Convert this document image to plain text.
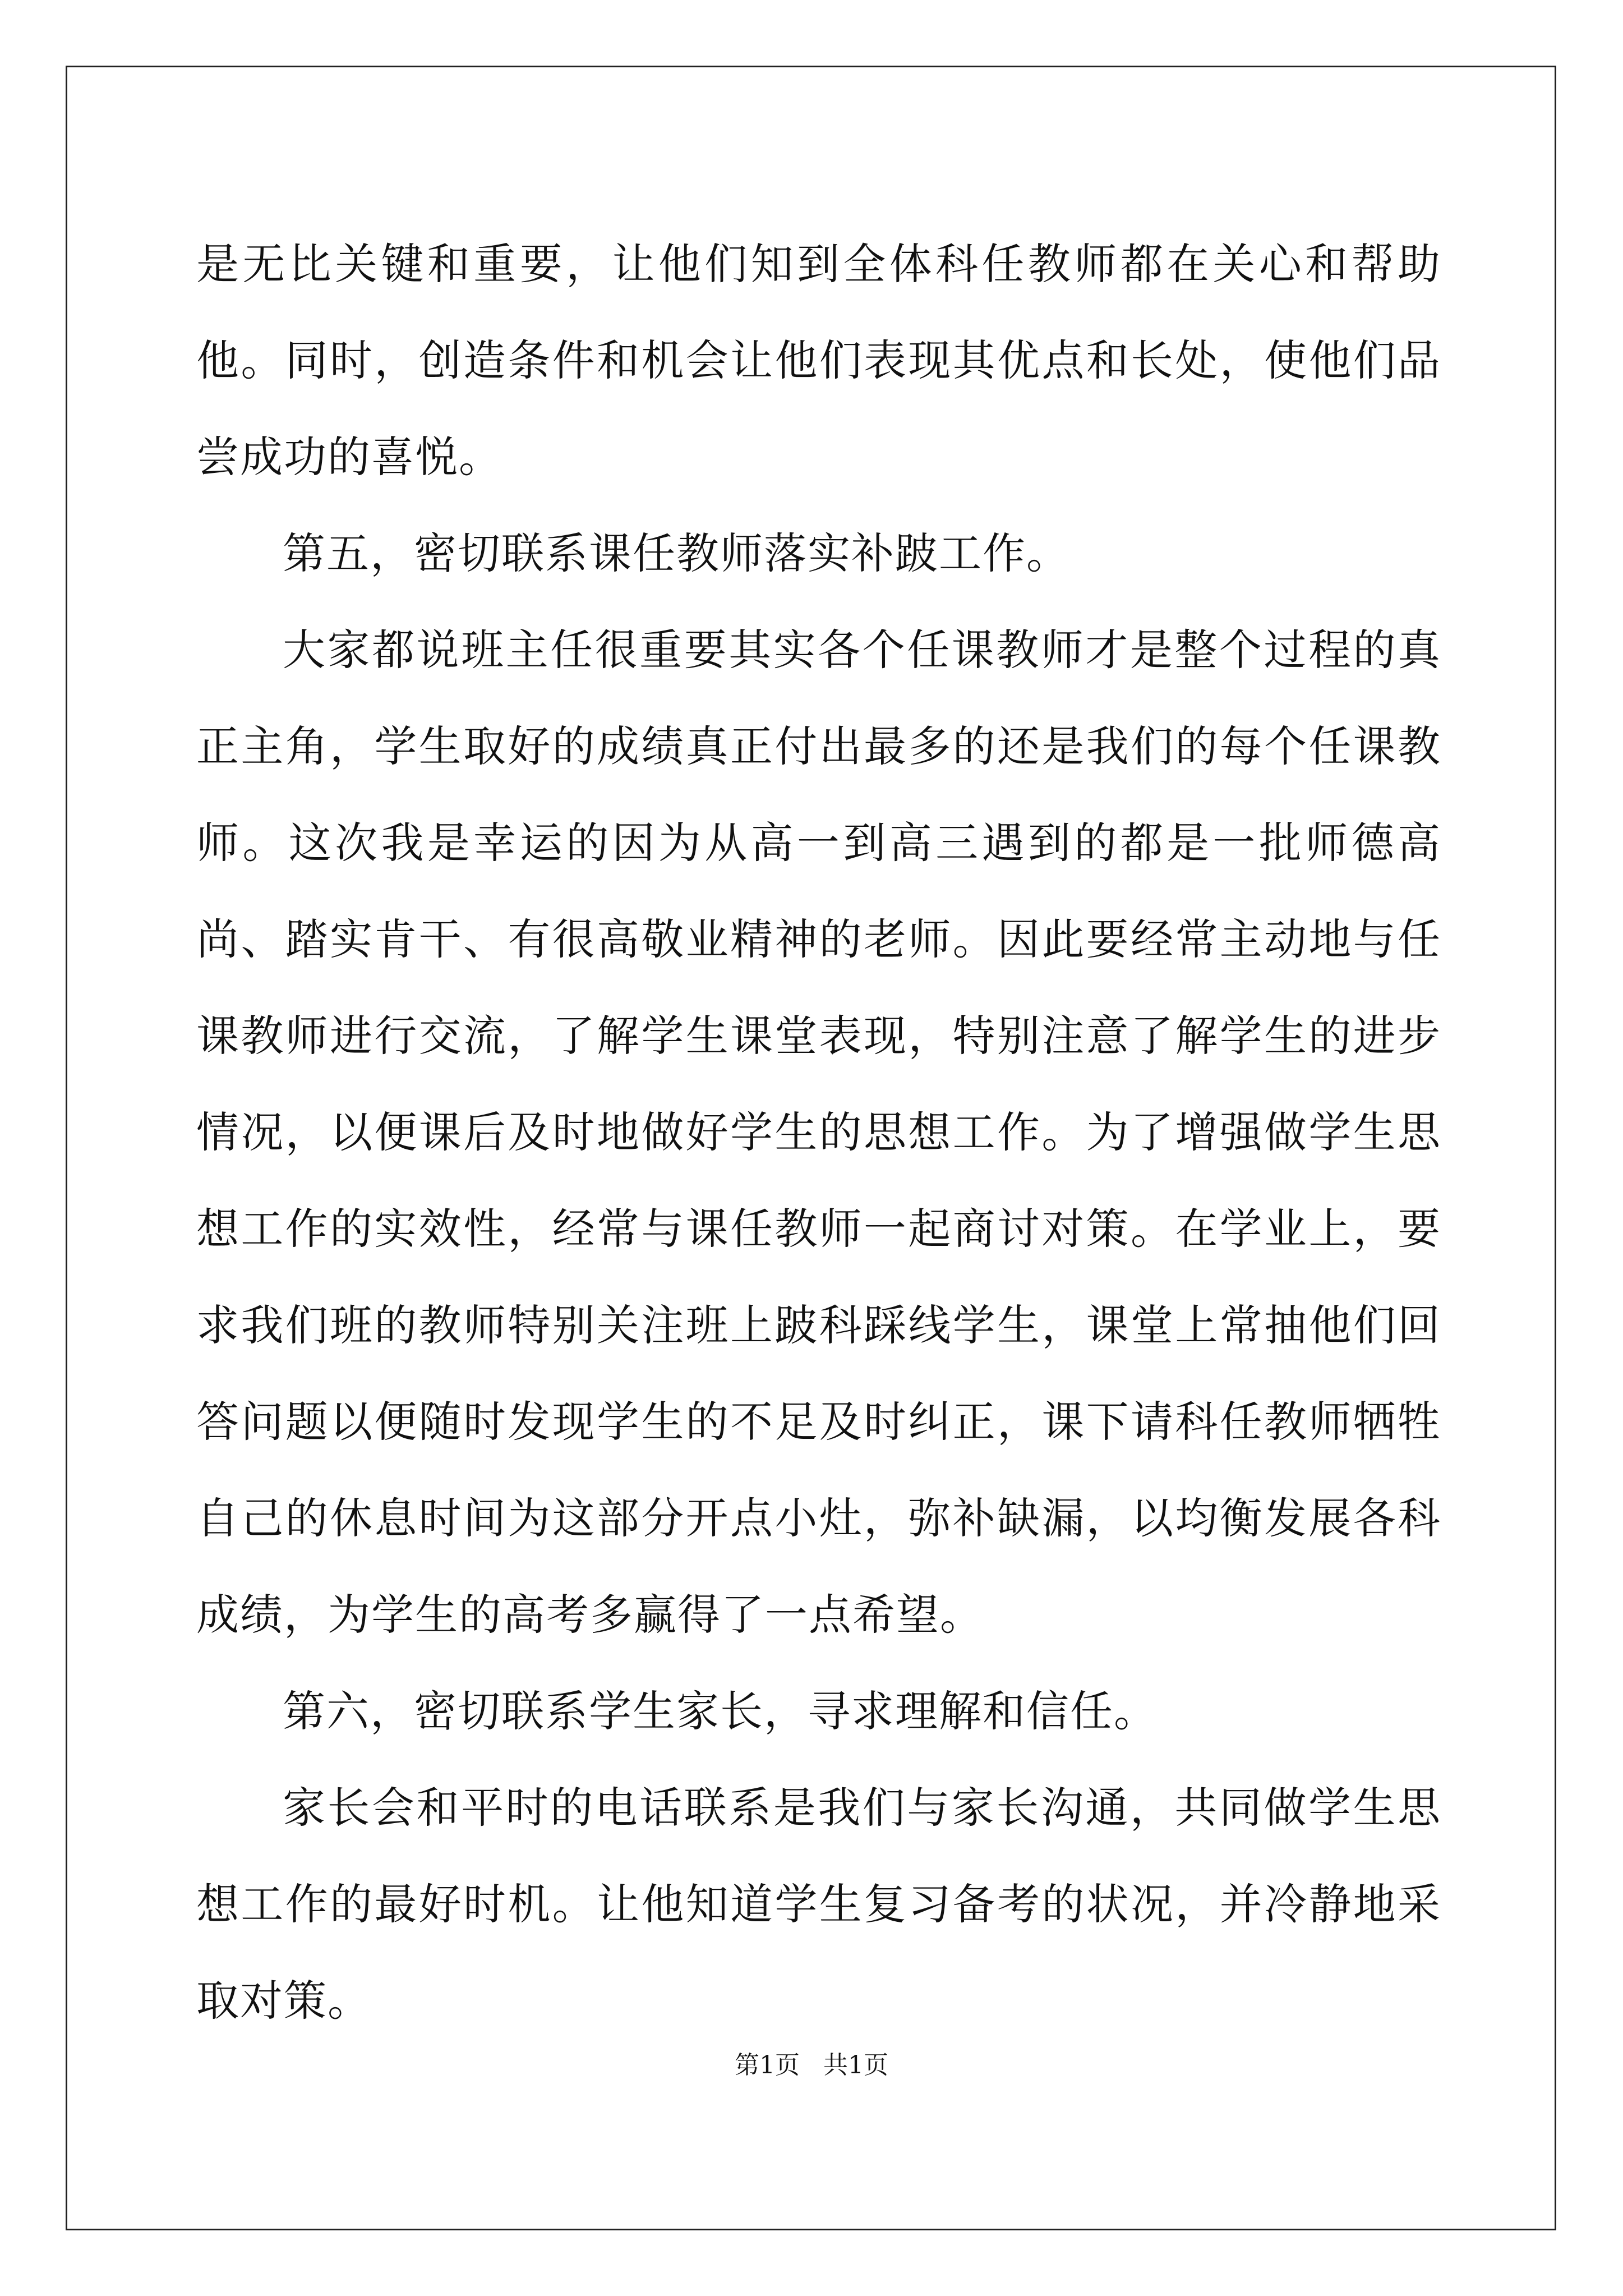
是无比关键和重要，让他们知到全体科任教师都在关心和帮助他。同时，创造条件和机会让他们表现其优点和长处，使他们品尝成功的喜悦。

第五，密切联系课任教师落实补跛工作。

大家都说班主任很重要其实各个任课教师才是整个过程的真正主角，学生取好的成绩真正付出最多的还是我们的每个任课教师。这次我是幸运的因为从高一到高三遇到的都是一批师德高尚、踏实肯干、有很高敬业精神的老师。因此要经常主动地与任课教师进行交流，了解学生课堂表现，特别注意了解学生的进步情况，以便课后及时地做好学生的思想工作。为了增强做学生思想工作的实效性，经常与课任教师一起商讨对策。在学业上，要求我们班的教师特别关注班上跛科踩线学生，课堂上常抽他们回答问题以便随时发现学生的不足及时纠正，课下请科任教师牺牲自己的休息时间为这部分开点小灶，弥补缺漏，以均衡发展各科成绩，为学生的高考多赢得了一点希望。

第六，密切联系学生家长，寻求理解和信任。

家长会和平时的电话联系是我们与家长沟通，共同做学生思想工作的最好时机。让他知道学生复习备考的状况，并冷静地采取对策。

第1页   共1页
